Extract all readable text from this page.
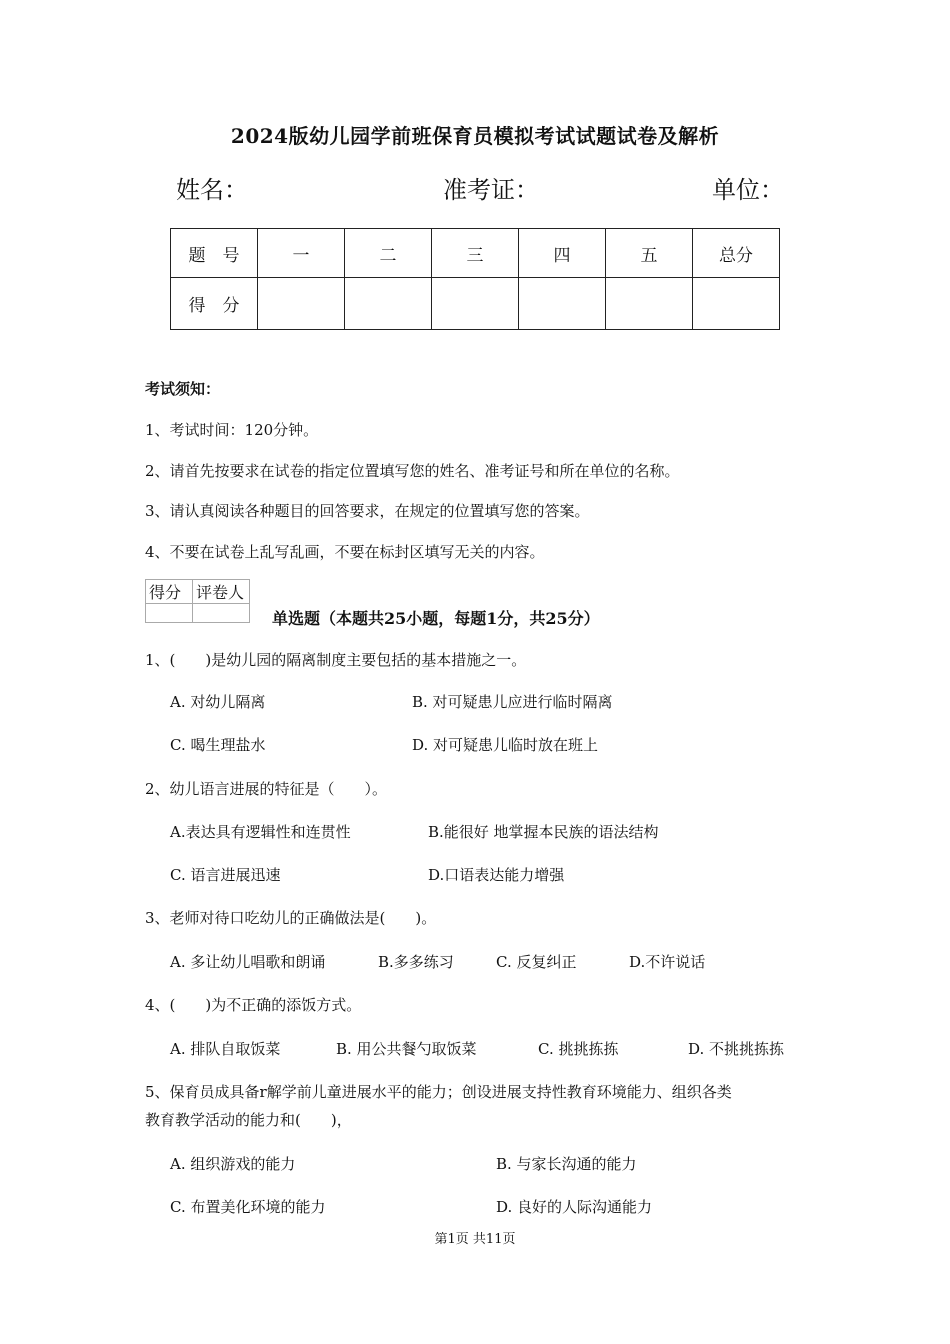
2024版幼儿园学前班保育员模拟考试试题试卷及解析
姓名：	准考证：	单位：
题　号	一	二	三	四	五	总分
得　分						
考试须知：
1、考试时间：120分钟。
2、请首先按要求在试卷的指定位置填写您的姓名、准考证号和所在单位的名称。
3、请认真阅读各种题目的回答要求，在规定的位置填写您的答案。
4、不要在试卷上乱写乱画，不要在标封区填写无关的内容。
得分	评卷人

单选题（本题共25小题，每题1分，共25分）
1、(　　)是幼儿园的隔离制度主要包括的基本措施之一。
A. 对幼儿隔离	B. 对可疑患儿应进行临时隔离
C. 喝生理盐水	D. 对可疑患儿临时放在班上
2、幼儿语言进展的特征是（　　）。
A.表达具有逻辑性和连贯性	B.能很好 地掌握本民族的语法结构
C. 语言进展迅速	D.口语表达能力增强
3、老师对待口吃幼儿的正确做法是(　　)。
A. 多让幼儿唱歌和朗诵	B.多多练习	C. 反复纠正	D.不许说话
4、(　　)为不正确的添饭方式。
A. 排队自取饭菜	B. 用公共餐勺取饭菜	C. 挑挑拣拣	D. 不挑挑拣拣
5、保育员成具备r解学前儿童进展水平的能力；创设进展支持性教育环境能力、组织各类
教育教学活动的能力和(　　)，
A. 组织游戏的能力	B. 与家长沟通的能力
C. 布置美化环境的能力	D. 良好的人际沟通能力
第1页 共11页
